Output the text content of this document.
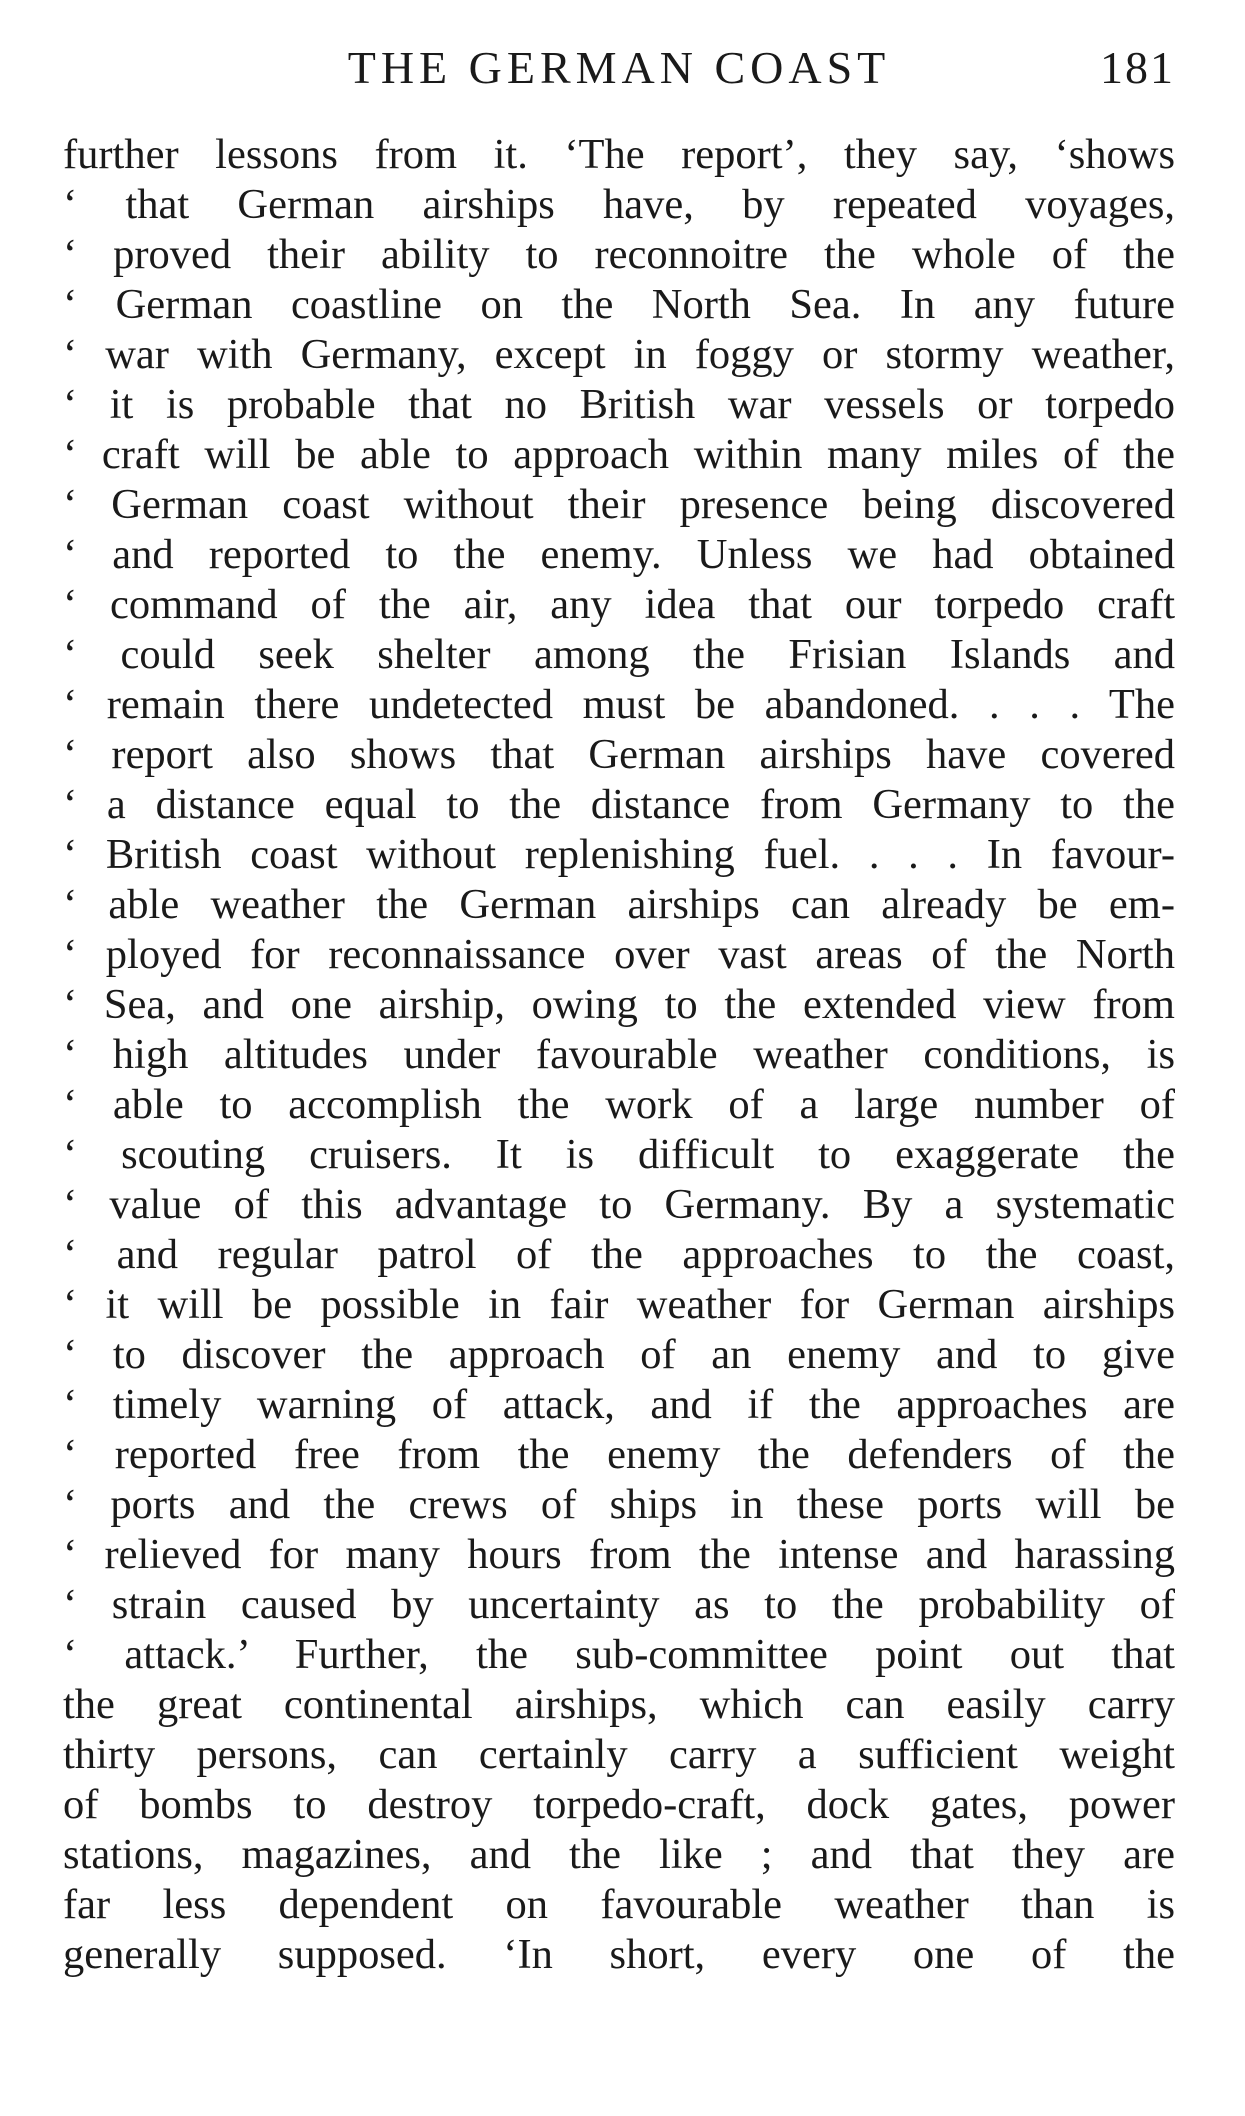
THE GERMAN COAST	181
further lessons from it. ‘The report’, they say, ‘shows
‘ that German airships have, by repeated voyages,
‘ proved their ability to reconnoitre the whole of the
‘ German coastline on the North Sea. In any future
‘ war with Germany, except in foggy or stormy weather,
‘ it is probable that no British war vessels or torpedo
‘ craft will be able to approach within many miles of the
‘ German coast without their presence being discovered
‘ and reported to the enemy. Unless we had obtained
‘ command of the air, any idea that our torpedo craft
‘ could seek shelter among the Frisian Islands and
‘ remain there undetected must be abandoned. . . . The
‘ report also shows that German airships have covered
‘ a distance equal to the distance from Germany to the
‘ British coast without replenishing fuel. . . . In favour-
‘ able weather the German airships can already be em-
‘ ployed for reconnaissance over vast areas of the North
‘ Sea, and one airship, owing to the extended view from
‘ high altitudes under favourable weather conditions, is
‘ able to accomplish the work of a large number of
‘ scouting cruisers. It is difficult to exaggerate the
‘ value of this advantage to Germany. By a systematic
‘ and regular patrol of the approaches to the coast,
‘ it will be possible in fair weather for German airships
‘ to discover the approach of an enemy and to give
‘ timely warning of attack, and if the approaches are
‘ reported free from the enemy the defenders of the
‘ ports and the crews of ships in these ports will be
‘ relieved for many hours from the intense and harassing
‘ strain caused by uncertainty as to the probability of
‘ attack.’ Further, the sub-committee point out that
the great continental airships, which can easily carry
thirty persons, can certainly carry a sufficient weight
of bombs to destroy torpedo-craft, dock gates, power
stations, magazines, and the like ; and that they are
far less dependent on favourable weather than is
generally supposed. ‘In short, every one of the
